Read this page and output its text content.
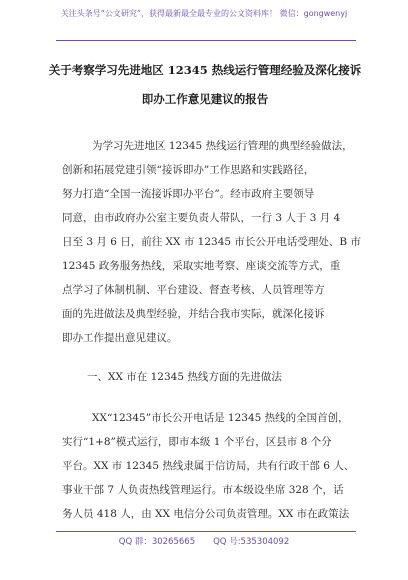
关注头条号“公文研究”，获得最新最全最专业的公文资料库！ 微信：gongwenyj
关于考察学习先进地区 12345 热线运行管理经验及深化接诉
即办工作意见建议的报告
为学习先进地区 12345 热线运行管理的典型经验做法，
创新和拓展党建引领“接诉即办”工作思路和实践路径，
努力打造“全国一流接诉即办平台”。经市政府主要领导
同意，由市政府办公室主要负责人带队，一行 3 人于 3 月 4
日至 3 月 6 日，前往 XX 市 12345 市长公开电话受理处、B 市
12345 政务服务热线，采取实地考察、座谈交流等方式，重
点学习了体制机制、平台建设、督查考核、人员管理等方
面的先进做法及典型经验，并结合我市实际，就深化接诉
即办工作提出意见建议。
一、XX 市在 12345 热线方面的先进做法
XX“12345”市长公开电话是 12345 热线的全国首创，
实行“1+8”模式运行，即市本级 1 个平台，区县市 8 个分
平台。XX 市 12345 热线隶属于信访局，共有行政干部 6 人、
事业干部 7 人负责热线管理运行。市本级设坐席 328 个，话
务人员 418 人，由 XX 电信分公司负责管理。XX 市在政策法
QQ 群：30265665 QQ 号:535304092
